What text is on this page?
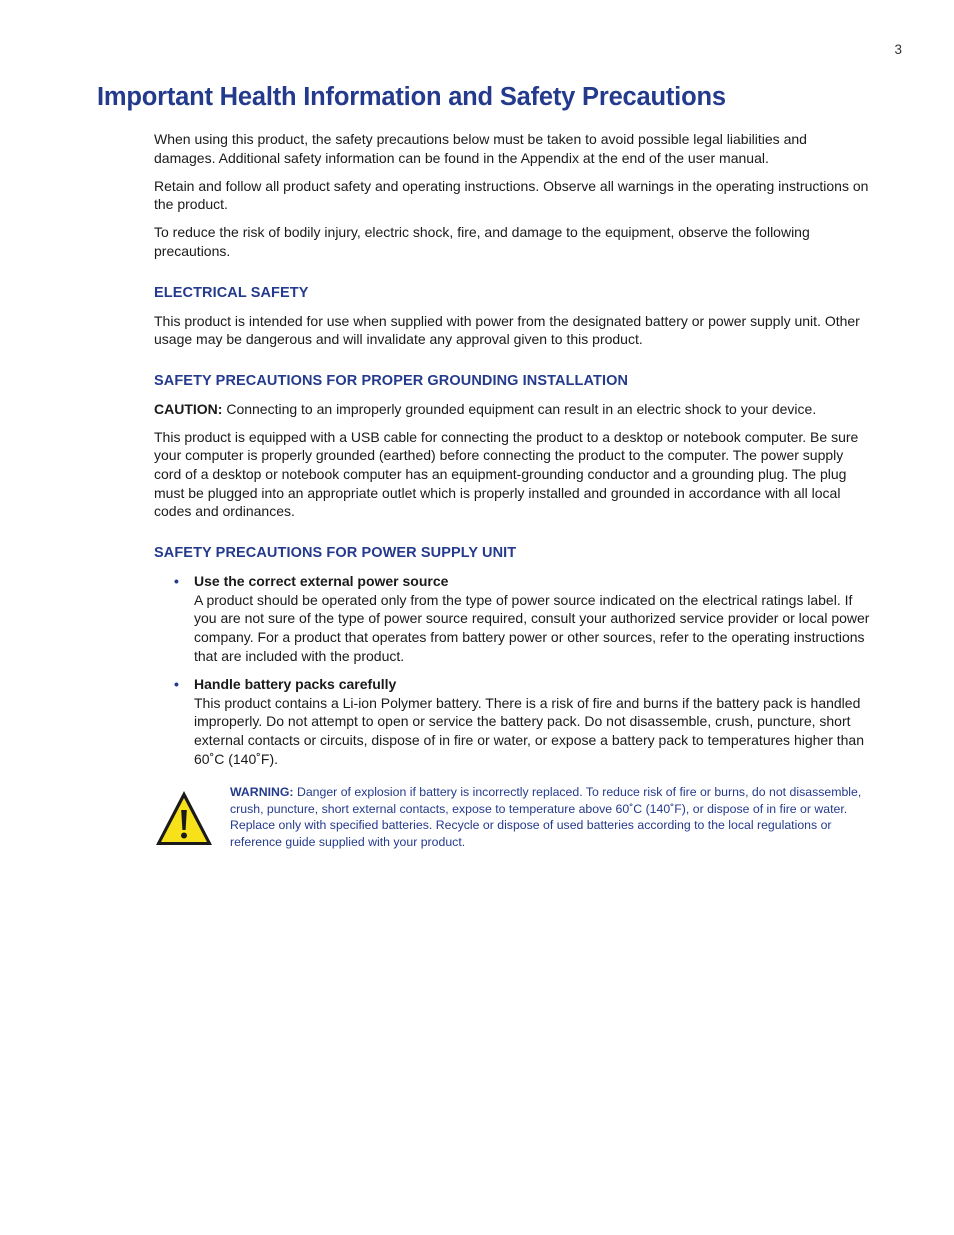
3
Important Health Information and Safety Precautions

When using this product, the safety precautions below must be taken to avoid possible legal liabilities and damages. Additional safety information can be found in the Appendix at the end of the user manual.

Retain and follow all product safety and operating instructions. Observe all warnings in the operating instructions on the product.

To reduce the risk of bodily injury, electric shock, fire, and damage to the equipment, observe the following precautions.

ELECTRICAL SAFETY

This product is intended for use when supplied with power from the designated battery or power supply unit. Other usage may be dangerous and will invalidate any approval given to this product.

SAFETY PRECAUTIONS FOR PROPER GROUNDING INSTALLATION

CAUTION: Connecting to an improperly grounded equipment can result in an electric shock to your device.

This product is equipped with a USB cable for connecting the product to a desktop or notebook computer. Be sure your computer is properly grounded (earthed) before connecting the product to the computer. The power supply cord of a desktop or notebook computer has an equipment-grounding conductor and a grounding plug. The plug must be plugged into an appropriate outlet which is properly installed and grounded in accordance with all local codes and ordinances.

SAFETY PRECAUTIONS FOR POWER SUPPLY UNIT
• Use the correct external power source
A product should be operated only from the type of power source indicated on the electrical ratings label. If you are not sure of the type of power source required, consult your authorized service provider or local power company. For a product that operates from battery power or other sources, refer to the operating instructions that are included with the product.
• Handle battery packs carefully
This product contains a Li-ion Polymer battery. There is a risk of fire and burns if the battery pack is handled improperly. Do not attempt to open or service the battery pack. Do not disassemble, crush, puncture, short external contacts or circuits, dispose of in fire or water, or expose a battery pack to temperatures higher than 60˚C (140˚F).
WARNING: Danger of explosion if battery is incorrectly replaced. To reduce risk of fire or burns, do not disassemble, crush, puncture, short external contacts, expose to temperature above 60˚C (140˚F), or dispose of in fire or water. Replace only with specified batteries. Recycle or dispose of used batteries according to the local regulations or reference guide supplied with your product.
